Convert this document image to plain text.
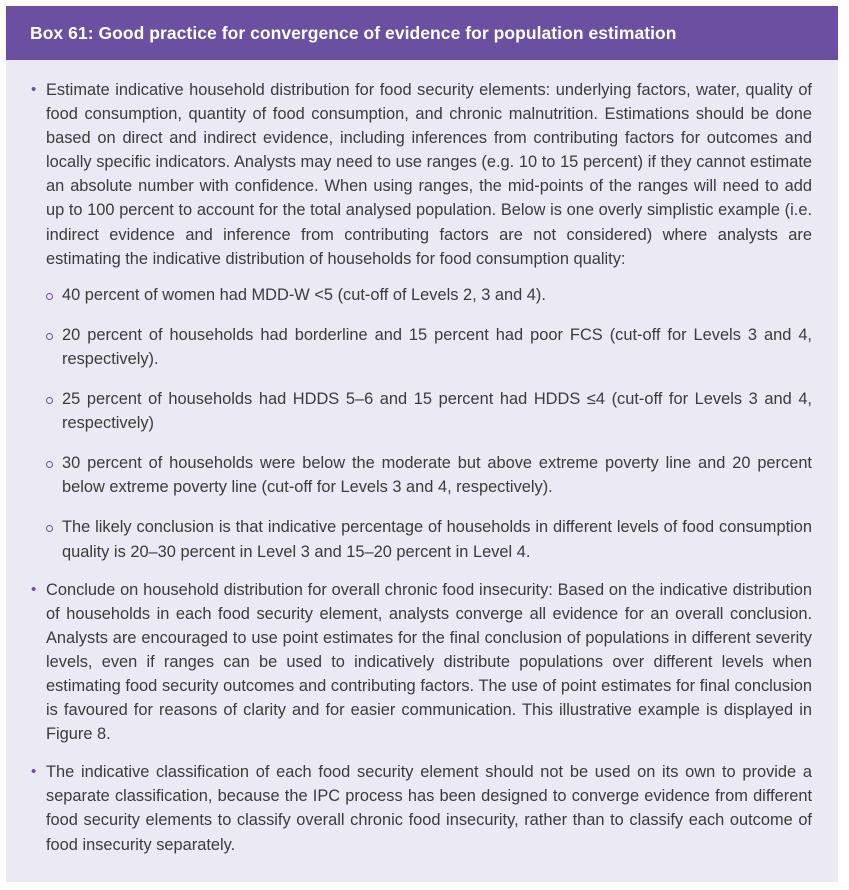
Box 61: Good practice for convergence of evidence for population estimation
• Estimate indicative household distribution for food security elements: underlying factors, water, quality of food consumption, quantity of food consumption, and chronic malnutrition. Estimations should be done based on direct and indirect evidence, including inferences from contributing factors for outcomes and locally specific indicators. Analysts may need to use ranges (e.g. 10 to 15 percent) if they cannot estimate an absolute number with confidence. When using ranges, the mid-points of the ranges will need to add up to 100 percent to account for the total analysed population. Below is one overly simplistic example (i.e. indirect evidence and inference from contributing factors are not considered) where analysts are estimating the indicative distribution of households for food consumption quality:
40 percent of women had MDD-W <5 (cut-off of Levels 2, 3 and 4).
20 percent of households had borderline and 15 percent had poor FCS (cut-off for Levels 3 and 4, respectively).
25 percent of households had HDDS 5–6 and 15 percent had HDDS ≤4 (cut-off for Levels 3 and 4, respectively)
30 percent of households were below the moderate but above extreme poverty line and 20 percent below extreme poverty line (cut-off for Levels 3 and 4, respectively).
The likely conclusion is that indicative percentage of households in different levels of food consumption quality is 20–30 percent in Level 3 and 15–20 percent in Level 4.
• Conclude on household distribution for overall chronic food insecurity: Based on the indicative distribution of households in each food security element, analysts converge all evidence for an overall conclusion. Analysts are encouraged to use point estimates for the final conclusion of populations in different severity levels, even if ranges can be used to indicatively distribute populations over different levels when estimating food security outcomes and contributing factors. The use of point estimates for final conclusion is favoured for reasons of clarity and for easier communication. This illustrative example is displayed in Figure 8.
• The indicative classification of each food security element should not be used on its own to provide a separate classification, because the IPC process has been designed to converge evidence from different food security elements to classify overall chronic food insecurity, rather than to classify each outcome of food insecurity separately.
